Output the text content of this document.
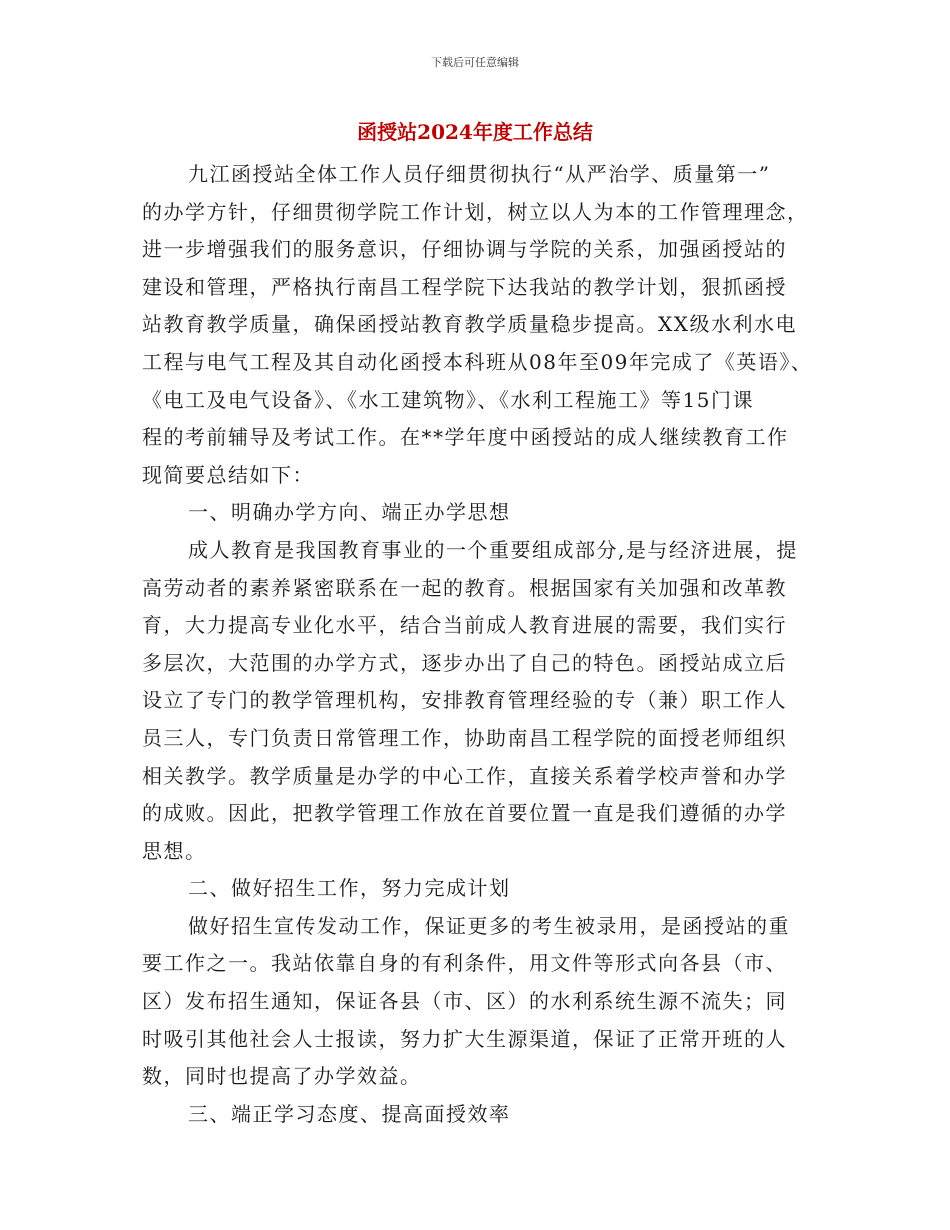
下载后可任意编辑
函授站2024年度工作总结
九江函授站全体工作人员仔细贯彻执行“从严治学、质量第一”
的办学方针，仔细贯彻学院工作计划，树立以人为本的工作管理理念，
进一步增强我们的服务意识，仔细协调与学院的关系，加强函授站的
建设和管理，严格执行南昌工程学院下达我站的教学计划，狠抓函授
站教育教学质量，确保函授站教育教学质量稳步提高。XX级水利水电
工程与电气工程及其自动化函授本科班从08年至09年完成了《英语》、
《电工及电气设备》、《水工建筑物》、《水利工程施工》等15门课
程的考前辅导及考试工作。在**学年度中函授站的成人继续教育工作
现简要总结如下：
一、明确办学方向、端正办学思想
成人教育是我国教育事业的一个重要组成部分,是与经济进展，提
高劳动者的素养紧密联系在一起的教育。根据国家有关加强和改革教
育，大力提高专业化水平，结合当前成人教育进展的需要，我们实行
多层次，大范围的办学方式，逐步办出了自己的特色。函授站成立后
设立了专门的教学管理机构，安排教育管理经验的专（兼）职工作人
员三人，专门负责日常管理工作，协助南昌工程学院的面授老师组织
相关教学。教学质量是办学的中心工作，直接关系着学校声誉和办学
的成败。因此，把教学管理工作放在首要位置一直是我们遵循的办学
思想。
二、做好招生工作，努力完成计划
做好招生宣传发动工作，保证更多的考生被录用，是函授站的重
要工作之一。我站依靠自身的有利条件，用文件等形式向各县（市、
区）发布招生通知，保证各县（市、区）的水利系统生源不流失；同
时吸引其他社会人士报读，努力扩大生源渠道，保证了正常开班的人
数，同时也提高了办学效益。
三、端正学习态度、提高面授效率
